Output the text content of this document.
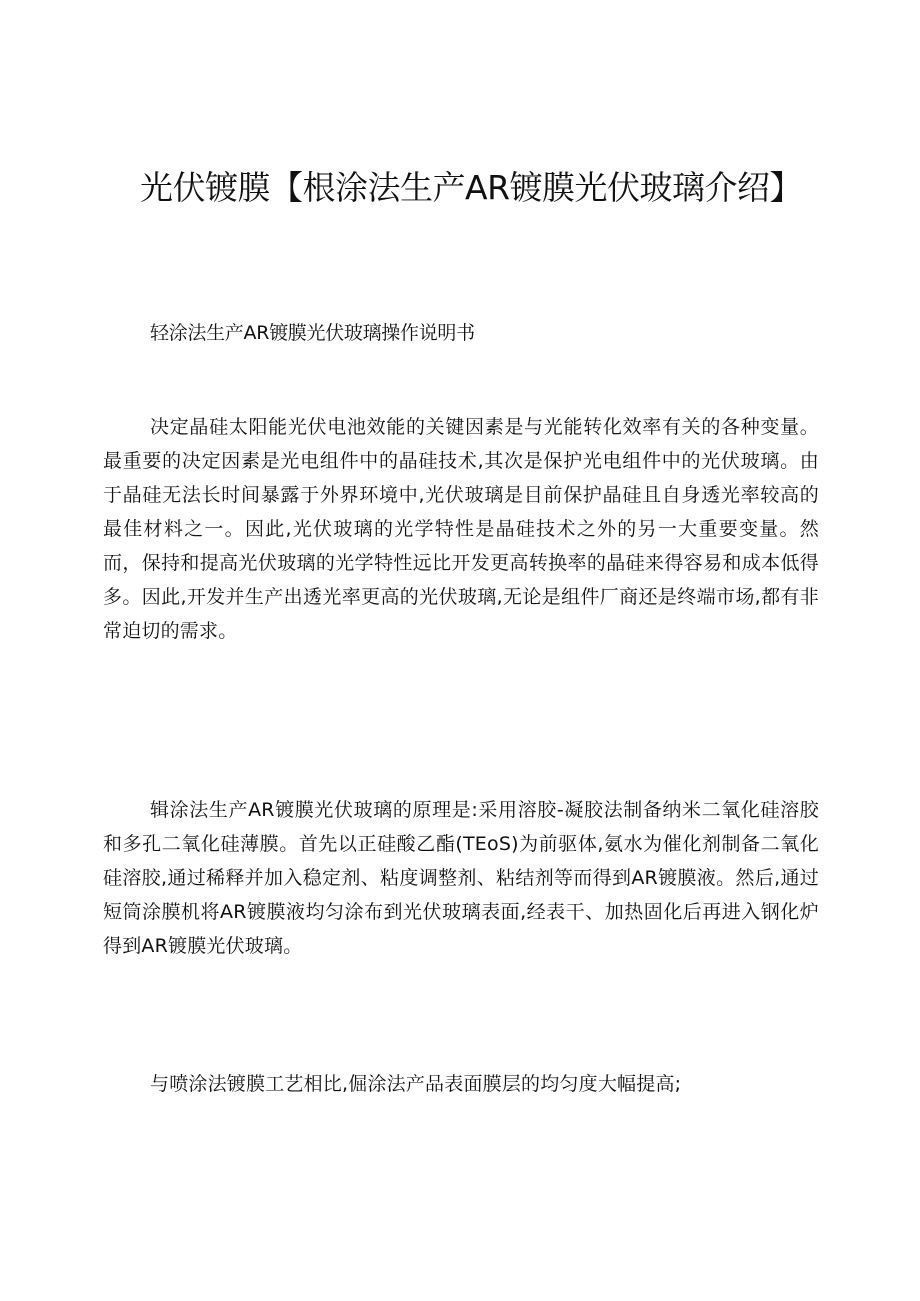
光伏镀膜【根涂法生产AR镀膜光伏玻璃介绍】

轻涂法生产AR镀膜光伏玻璃操作说明书

决定晶硅太阳能光伏电池效能的关键因素是与光能转化效率有关的各种变量。最重要的决定因素是光电组件中的晶硅技术,其次是保护光电组件中的光伏玻璃。由于晶硅无法长时间暴露于外界环境中,光伏玻璃是目前保护晶硅且自身透光率较高的最佳材料之一。因此,光伏玻璃的光学特性是晶硅技术之外的另一大重要变量。然而，保持和提高光伏玻璃的光学特性远比开发更高转换率的晶硅来得容易和成本低得多。因此,开发并生产出透光率更高的光伏玻璃,无论是组件厂商还是终端市场,都有非常迫切的需求。

辑涂法生产AR镀膜光伏玻璃的原理是:采用溶胶-凝胶法制备纳米二氧化硅溶胶和多孔二氧化硅薄膜。首先以正硅酸乙酯(TEoS)为前驱体,氨水为催化剂制备二氧化硅溶胶,通过稀释并加入稳定剂、粘度调整剂、粘结剂等而得到AR镀膜液。然后,通过短筒涂膜机将AR镀膜液均匀涂布到光伏玻璃表面,经表干、加热固化后再进入钢化炉得到AR镀膜光伏玻璃。

与喷涂法镀膜工艺相比,倔涂法产品表面膜层的均匀度大幅提高;
